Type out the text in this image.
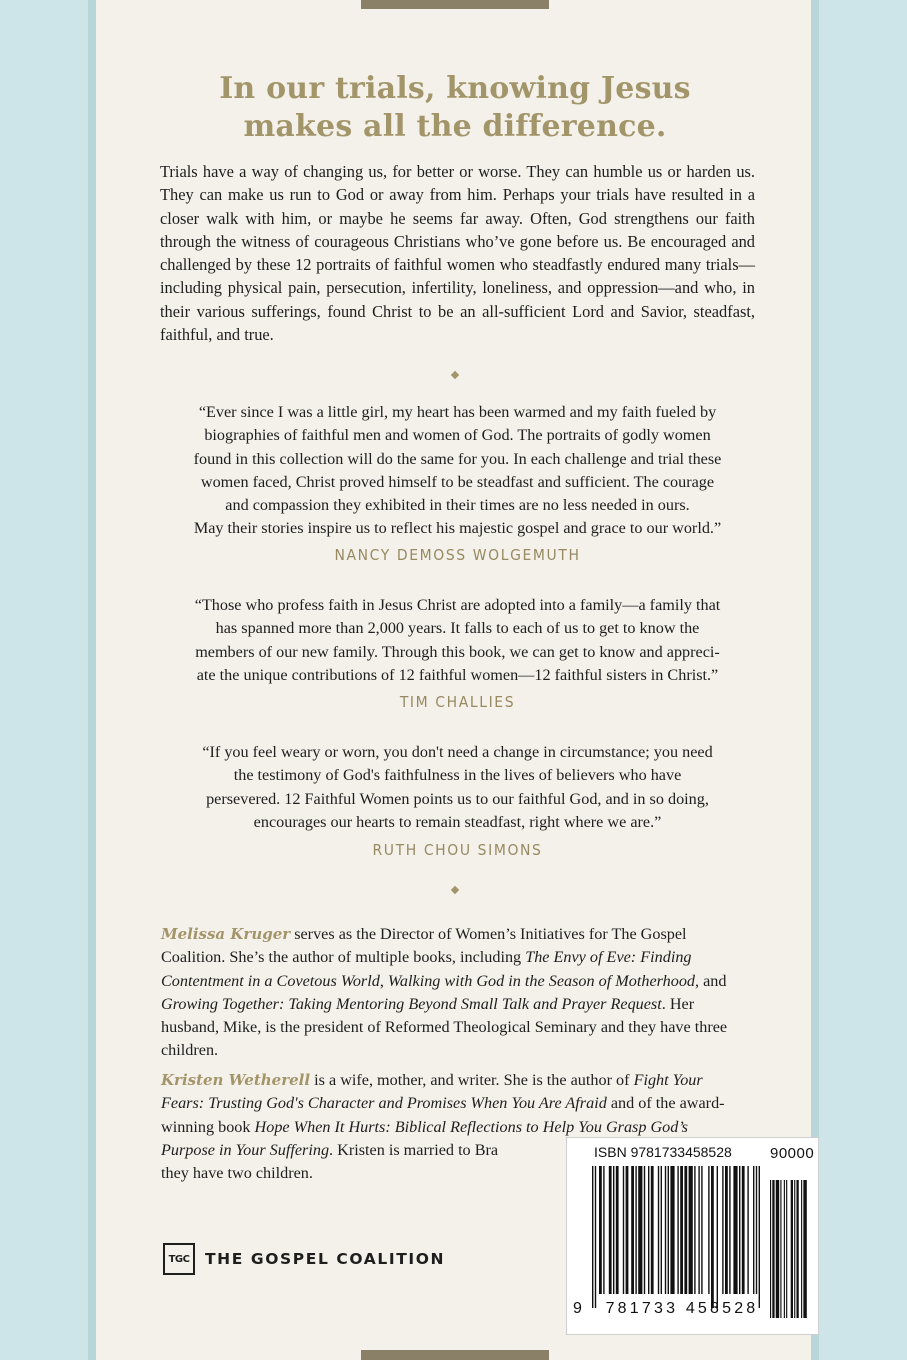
In our trials, knowing Jesus
makes all the difference.
Trials have a way of changing us, for better or worse. They can humble us or harden us. They can make us run to God or away from him. Perhaps your trials have resulted in a closer walk with him, or maybe he seems far away. Often, God strengthens our faith through the witness of courageous Christians who’ve gone before us. Be encouraged and challenged by these 12 portraits of faithful women who steadfastly endured many trials—including physical pain, persecution, infertility, loneliness, and oppression—and who, in their various sufferings, found Christ to be an all-sufficient Lord and Savior, steadfast, faithful, and true.
“Ever since I was a little girl, my heart has been warmed and my faith fueled by
biographies of faithful men and women of God. The portraits of godly women
found in this collection will do the same for you. In each challenge and trial these
women faced, Christ proved himself to be steadfast and sufficient. The courage
and compassion they exhibited in their times are no less needed in ours.
May their stories inspire us to reflect his majestic gospel and grace to our world.”
NANCY DEMOSS WOLGEMUTH
“Those who profess faith in Jesus Christ are adopted into a family—a family that
has spanned more than 2,000 years. It falls to each of us to get to know the
members of our new family. Through this book, we can get to know and appreci-
ate the unique contributions of 12 faithful women—12 faithful sisters in Christ.”
TIM CHALLIES
“If you feel weary or worn, you don't need a change in circumstance; you need
the testimony of God's faithfulness in the lives of believers who have
persevered. 12 Faithful Women points us to our faithful God, and in so doing,
encourages our hearts to remain steadfast, right where we are.”
RUTH CHOU SIMONS
Melissa Kruger serves as the Director of Women’s Initiatives for The Gospel Coalition. She’s the author of multiple books, including The Envy of Eve: Finding Contentment in a Covetous World, Walking with God in the Season of Motherhood, and Growing Together: Taking Mentoring Beyond Small Talk and Prayer Request. Her husband, Mike, is the president of Reformed Theological Seminary and they have three children.
Kristen Wetherell is a wife, mother, and writer. She is the author of Fight Your Fears: Trusting God's Character and Promises When You Are Afraid and of the award-winning book Hope When It Hurts: Biblical Reflections to Help You Grasp God’s Purpose in Your Suffering. Kristen is married to Bra
they have two children.
TGC	THE GOSPEL COALITION
ISBN 9781733458528	90000
9	781733 458528
